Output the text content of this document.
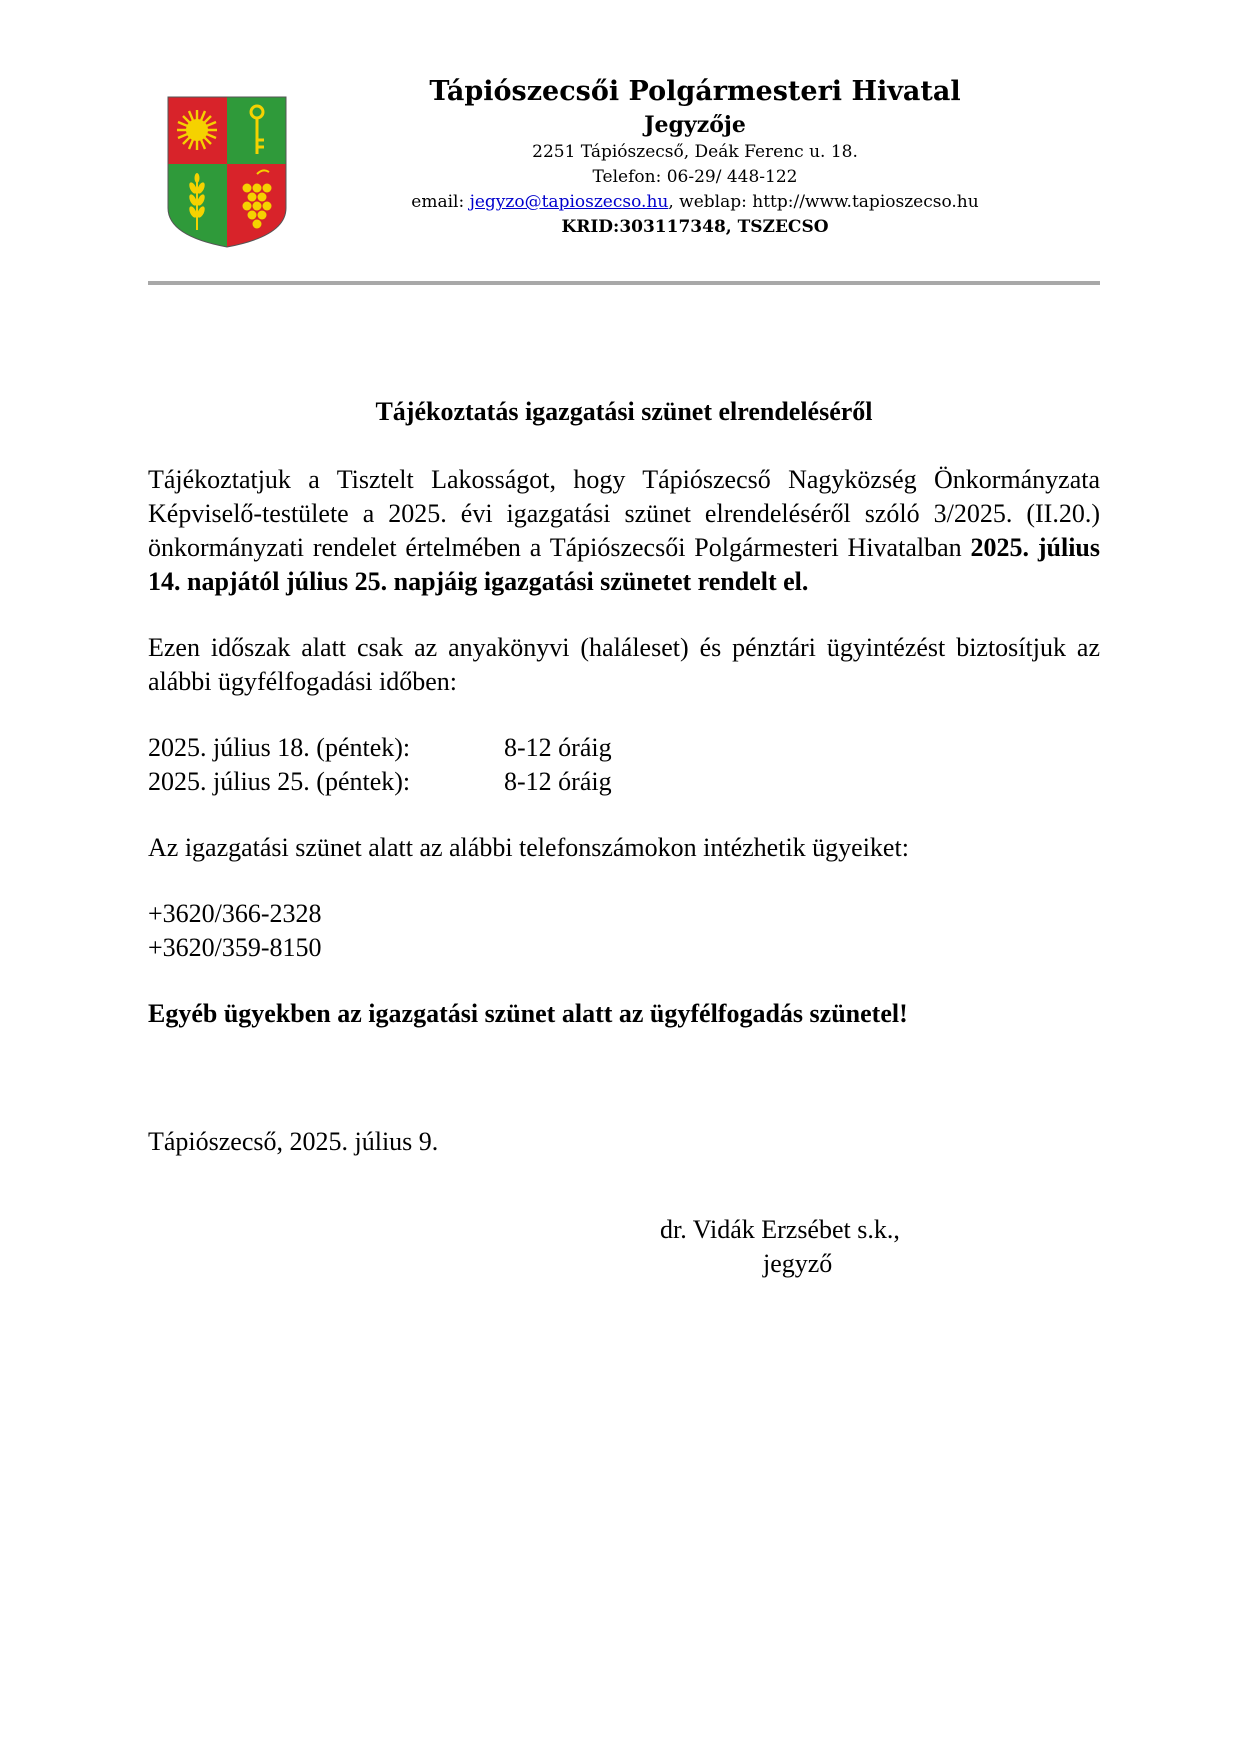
Tápiószecsői Polgármesteri Hivatal
Jegyzője
2251 Tápiószecső, Deák Ferenc u. 18.
Telefon: 06-29/ 448-122
email: jegyzo@tapioszecso.hu, weblap: http://www.tapioszecso.hu
KRID:303117348, TSZECSO
Tájékoztatás igazgatási szünet elrendeléséről

Tájékoztatjuk a Tisztelt Lakosságot, hogy Tápiószecső Nagyközség Önkormányzata Képviselő-testülete a 2025. évi igazgatási szünet elrendeléséről szóló 3/2025. (II.20.) önkormányzati rendelet értelmében a Tápiószecsői Polgármesteri Hivatalban 2025. július 14. napjától július 25. napjáig igazgatási szünetet rendelt el.

Ezen időszak alatt csak az anyakönyvi (haláleset) és pénztári ügyintézést biztosítjuk az alábbi ügyfélfogadási időben:

2025. július 18. (péntek):	8-12 óráig
2025. július 25. (péntek):	8-12 óráig
Az igazgatási szünet alatt az alábbi telefonszámokon intézhetik ügyeiket:
+3620/366-2328
+3620/359-8150
Egyéb ügyekben az igazgatási szünet alatt az ügyfélfogadás szünetel!
Tápiószecső, 2025. július 9.
dr. Vidák Erzsébet s.k.,
jegyző
